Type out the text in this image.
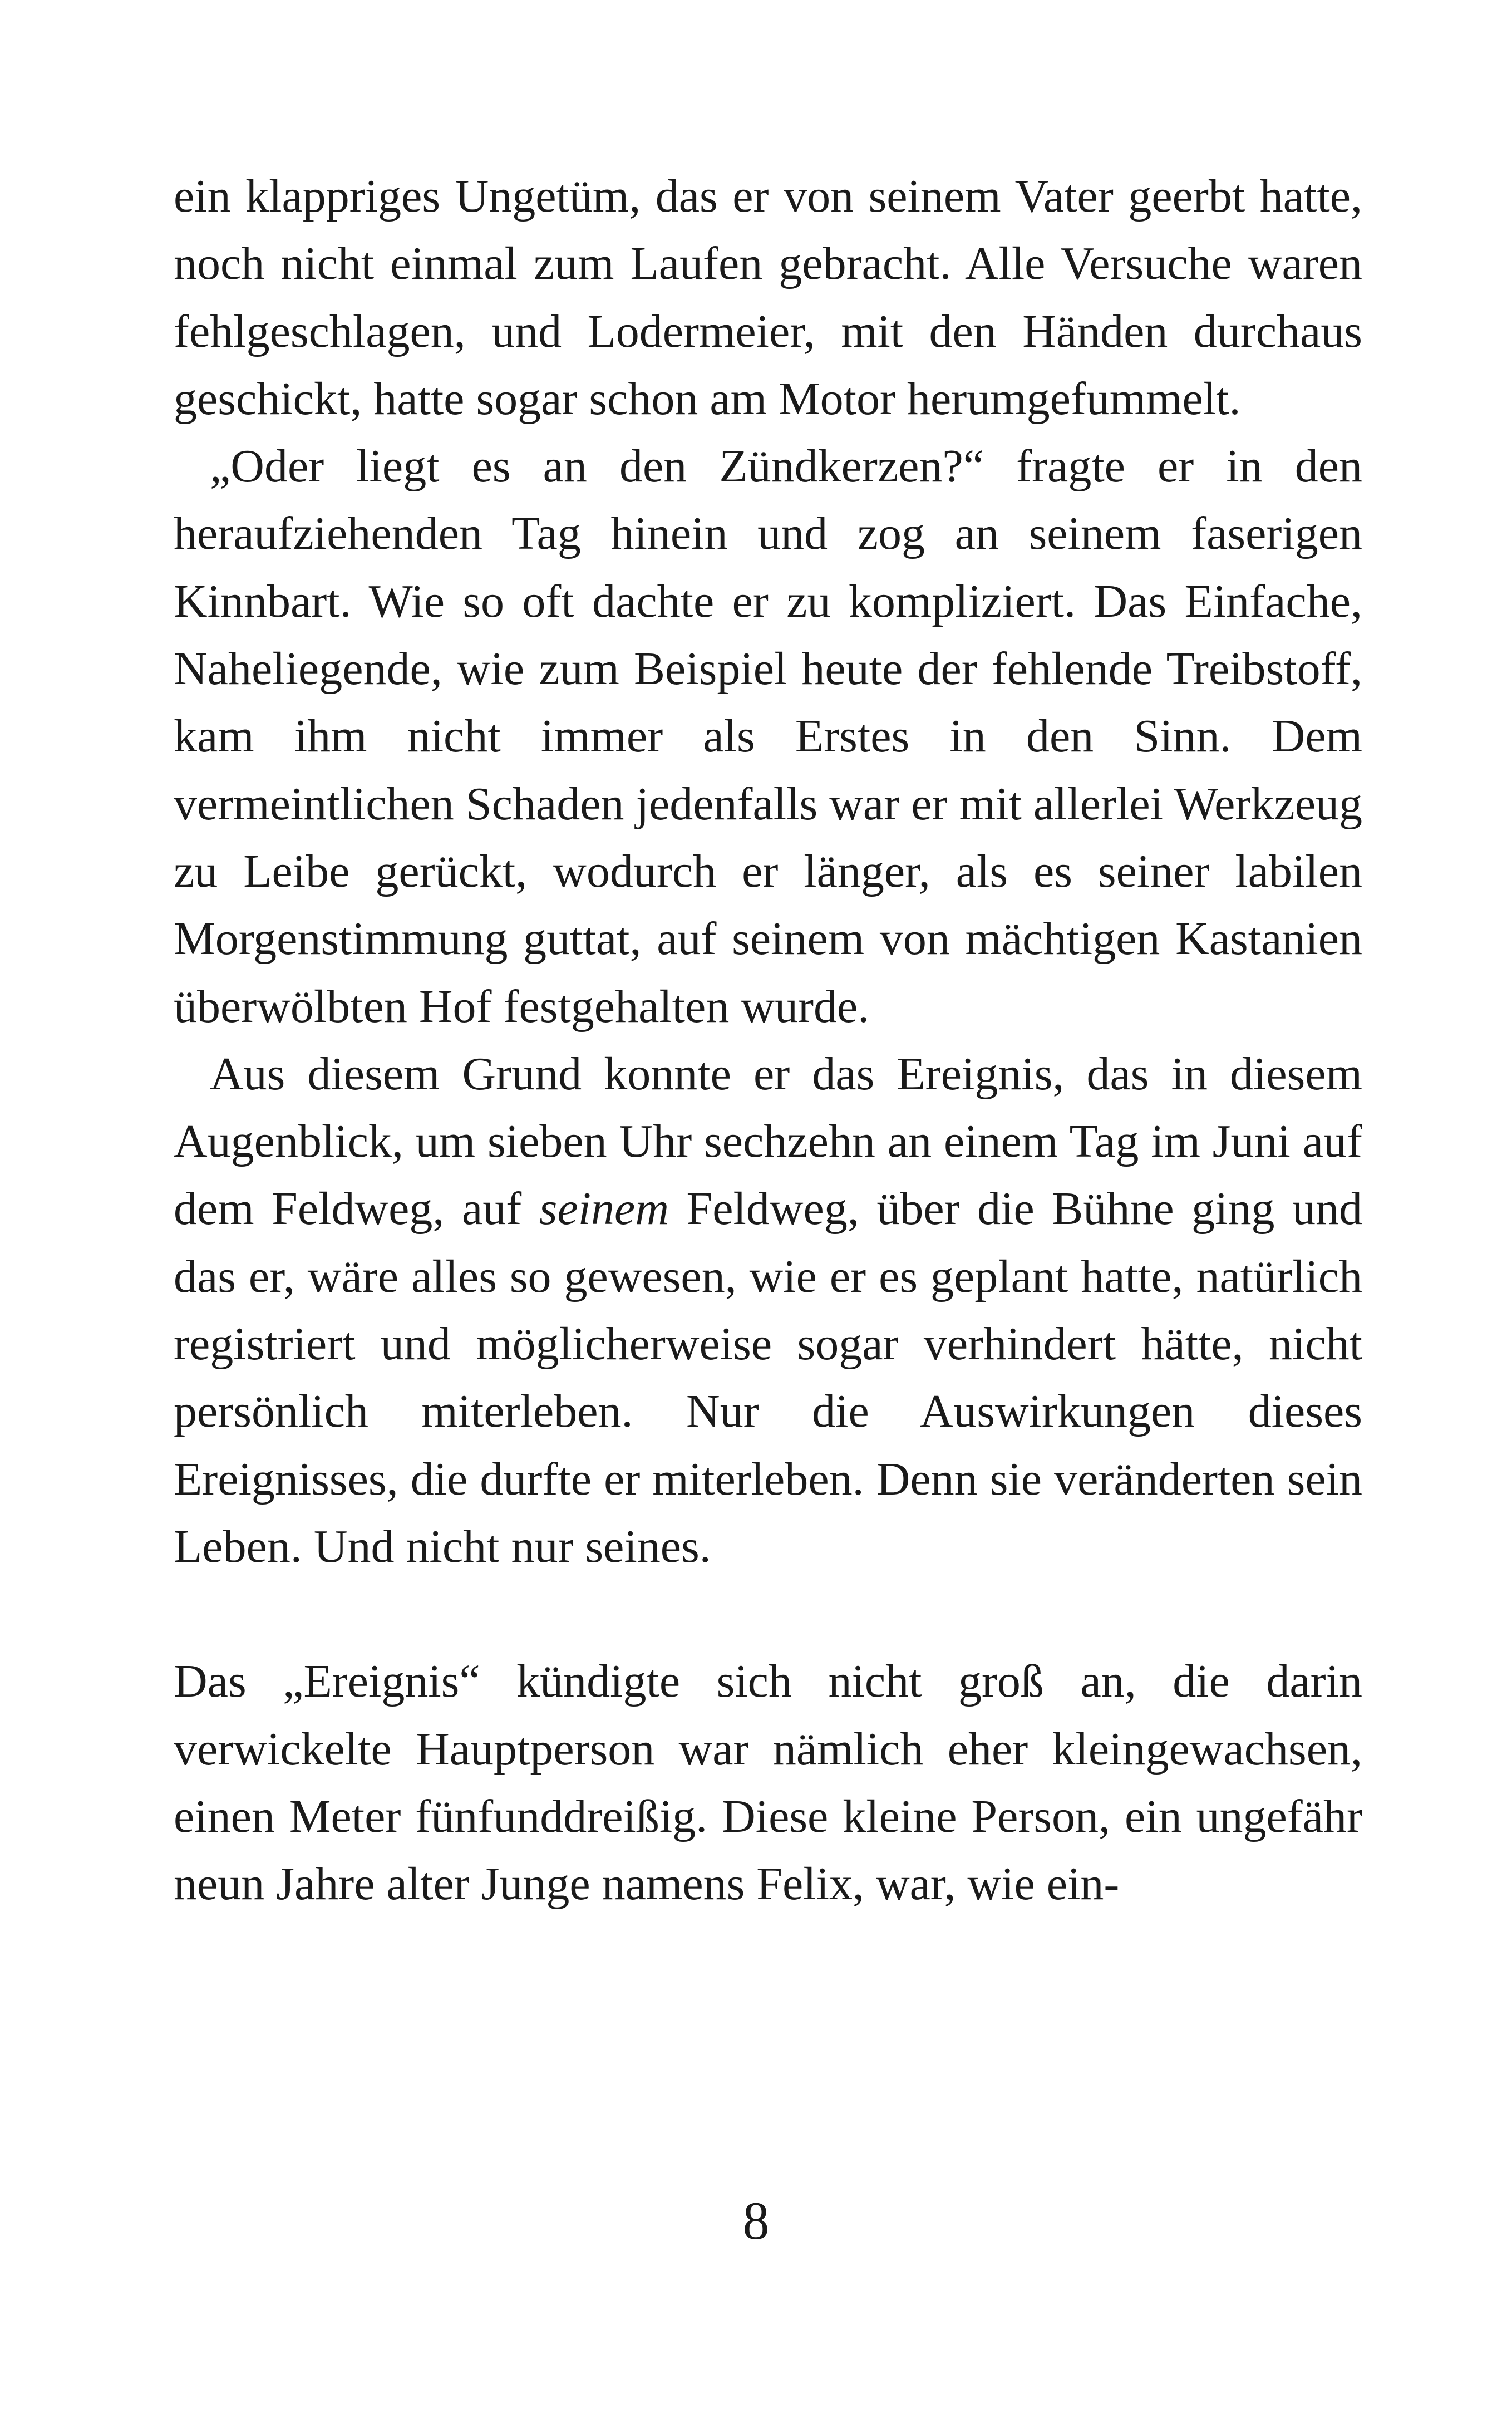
ein klappriges Ungetüm, das er von seinem Vater geerbt hatte, noch nicht einmal zum Laufen gebracht. Alle Versuche waren fehlgeschlagen, und Lodermeier, mit den Händen durchaus geschickt, hatte sogar schon am Motor herumgefummelt.

„Oder liegt es an den Zündkerzen?“ fragte er in den heraufziehenden Tag hinein und zog an seinem faserigen Kinnbart. Wie so oft dachte er zu kompliziert. Das Einfache, Naheliegende, wie zum Beispiel heute der fehlende Treibstoff, kam ihm nicht immer als Erstes in den Sinn. Dem vermeintlichen Schaden jedenfalls war er mit allerlei Werkzeug zu Leibe gerückt, wodurch er länger, als es seiner labilen Morgenstimmung guttat, auf seinem von mächtigen Kastanien überwölbten Hof festgehalten wurde.

Aus diesem Grund konnte er das Ereignis, das in diesem Augenblick, um sieben Uhr sechzehn an einem Tag im Juni auf dem Feldweg, auf seinem Feldweg, über die Bühne ging und das er, wäre alles so gewesen, wie er es geplant hatte, natürlich registriert und möglicherweise sogar verhindert hätte, nicht persönlich miterleben. Nur die Auswirkungen dieses Ereignisses, die durfte er miterleben. Denn sie veränderten sein Leben. Und nicht nur seines.

Das „Ereignis“ kündigte sich nicht groß an, die darin verwickelte Hauptperson war nämlich eher kleingewachsen, einen Meter fünfunddreißig. Diese kleine Person, ein ungefähr neun Jahre alter Junge namens Felix, war, wie ein-

8
